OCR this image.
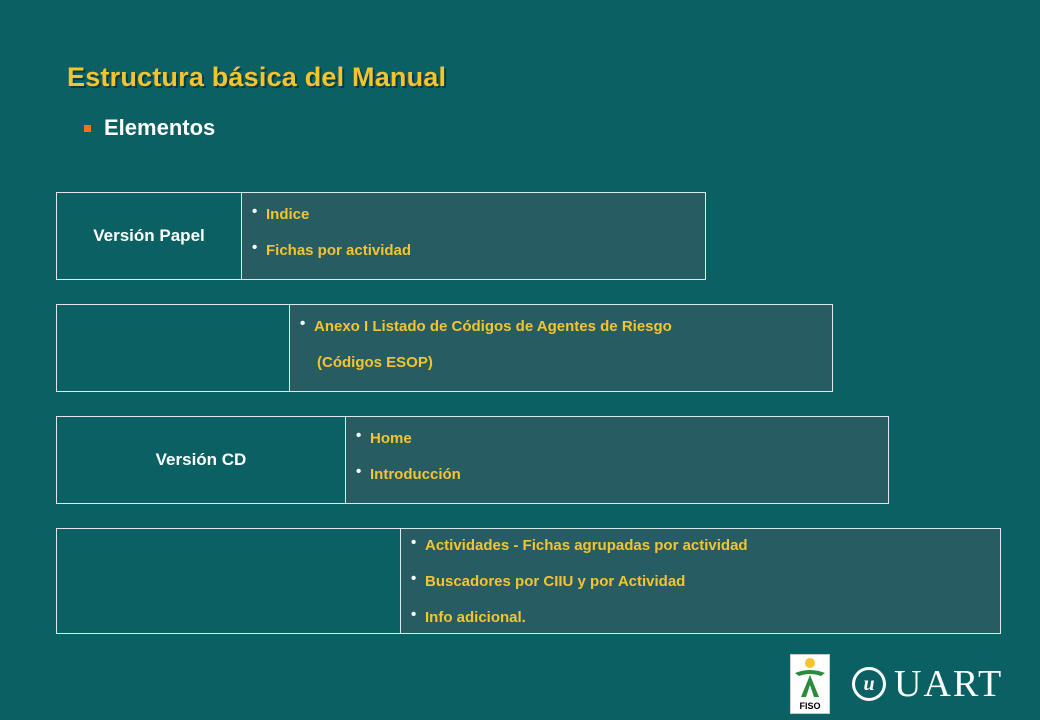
Estructura básica del Manual
Elementos
Versión Papel
• Indice
• Fichas por actividad
• Anexo I Listado de Códigos de Agentes de Riesgo
(Códigos ESOP)
Versión CD
• Home
• Introducción
• Actividades - Fichas agrupadas por actividad
• Buscadores por CIIU y por Actividad
• Info adicional.
FISO
u UART
